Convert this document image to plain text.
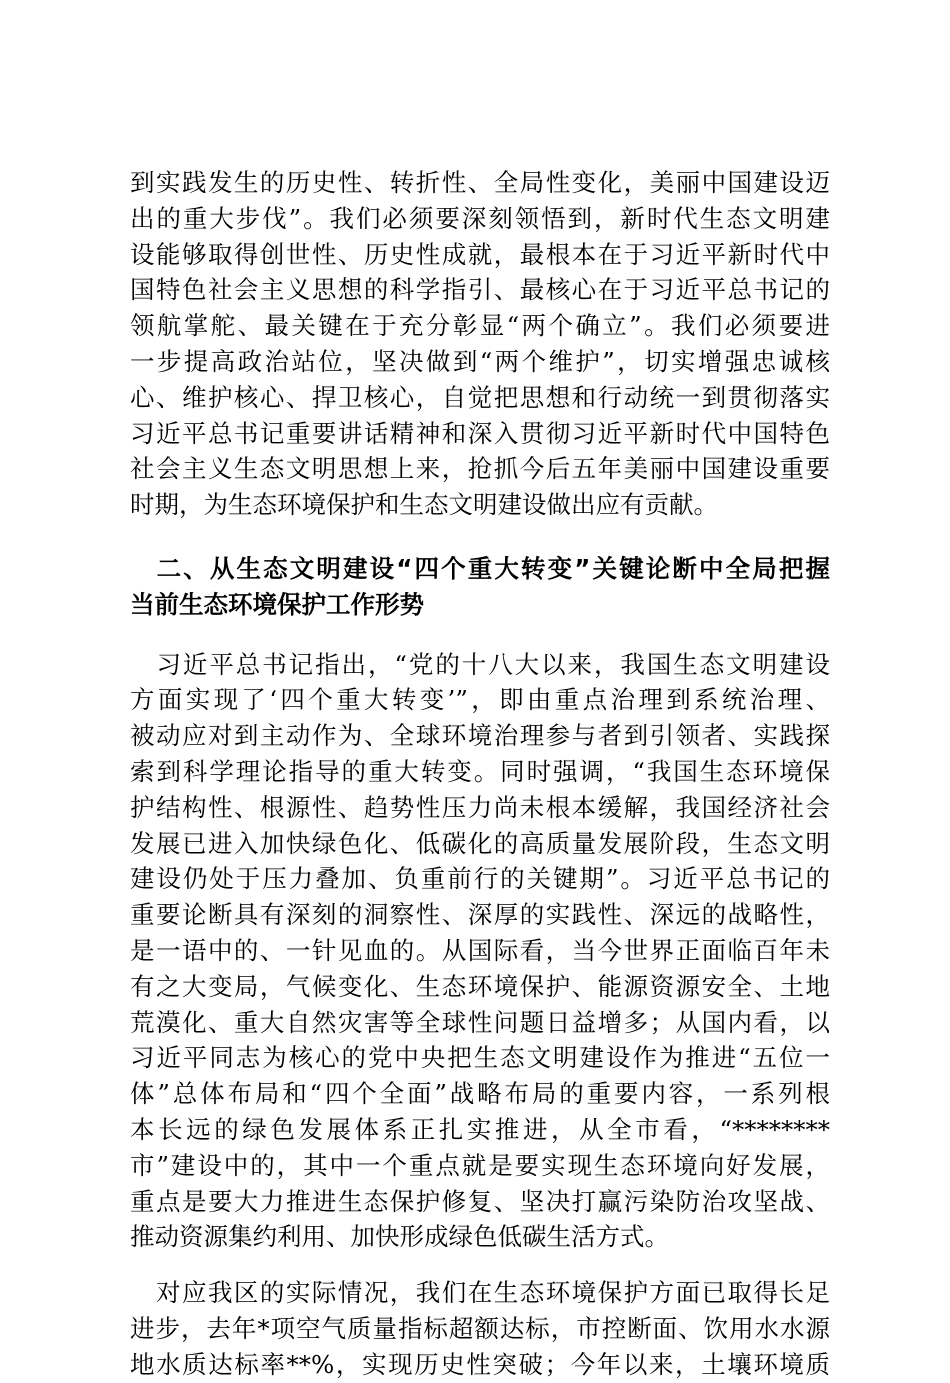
到实践发生的历史性、转折性、全局性变化，美丽中国建设迈
出的重大步伐”。我们必须要深刻领悟到，新时代生态文明建
设能够取得创世性、历史性成就，最根本在于习近平新时代中
国特色社会主义思想的科学指引、最核心在于习近平总书记的
领航掌舵、最关键在于充分彰显“两个确立”。我们必须要进
一步提高政治站位，坚决做到“两个维护”，切实增强忠诚核
心、维护核心、捍卫核心，自觉把思想和行动统一到贯彻落实
习近平总书记重要讲话精神和深入贯彻习近平新时代中国特色
社会主义生态文明思想上来，抢抓今后五年美丽中国建设重要
时期，为生态环境保护和生态文明建设做出应有贡献。
　二、从生态文明建设“四个重大转变”关键论断中全局把握
当前生态环境保护工作形势
　习近平总书记指出，“党的十八大以来，我国生态文明建设
方面实现了‘四个重大转变’”，即由重点治理到系统治理、
被动应对到主动作为、全球环境治理参与者到引领者、实践探
索到科学理论指导的重大转变。同时强调，“我国生态环境保
护结构性、根源性、趋势性压力尚未根本缓解，我国经济社会
发展已进入加快绿色化、低碳化的高质量发展阶段，生态文明
建设仍处于压力叠加、负重前行的关键期”。习近平总书记的
重要论断具有深刻的洞察性、深厚的实践性、深远的战略性，
是一语中的、一针见血的。从国际看，当今世界正面临百年未
有之大变局，气候变化、生态环境保护、能源资源安全、土地
荒漠化、重大自然灾害等全球性问题日益增多；从国内看，以
习近平同志为核心的党中央把生态文明建设作为推进“五位一
体”总体布局和“四个全面”战略布局的重要内容，一系列根
本长远的绿色发展体系正扎实推进，从全市看，“********
市”建设中的，其中一个重点就是要实现生态环境向好发展，
重点是要大力推进生态保护修复、坚决打赢污染防治攻坚战、
推动资源集约利用、加快形成绿色低碳生活方式。
　对应我区的实际情况，我们在生态环境保护方面已取得长足
进步，去年*项空气质量指标超额达标，市控断面、饮用水水源
地水质达标率**%，实现历史性突破；今年以来，土壤环境质
